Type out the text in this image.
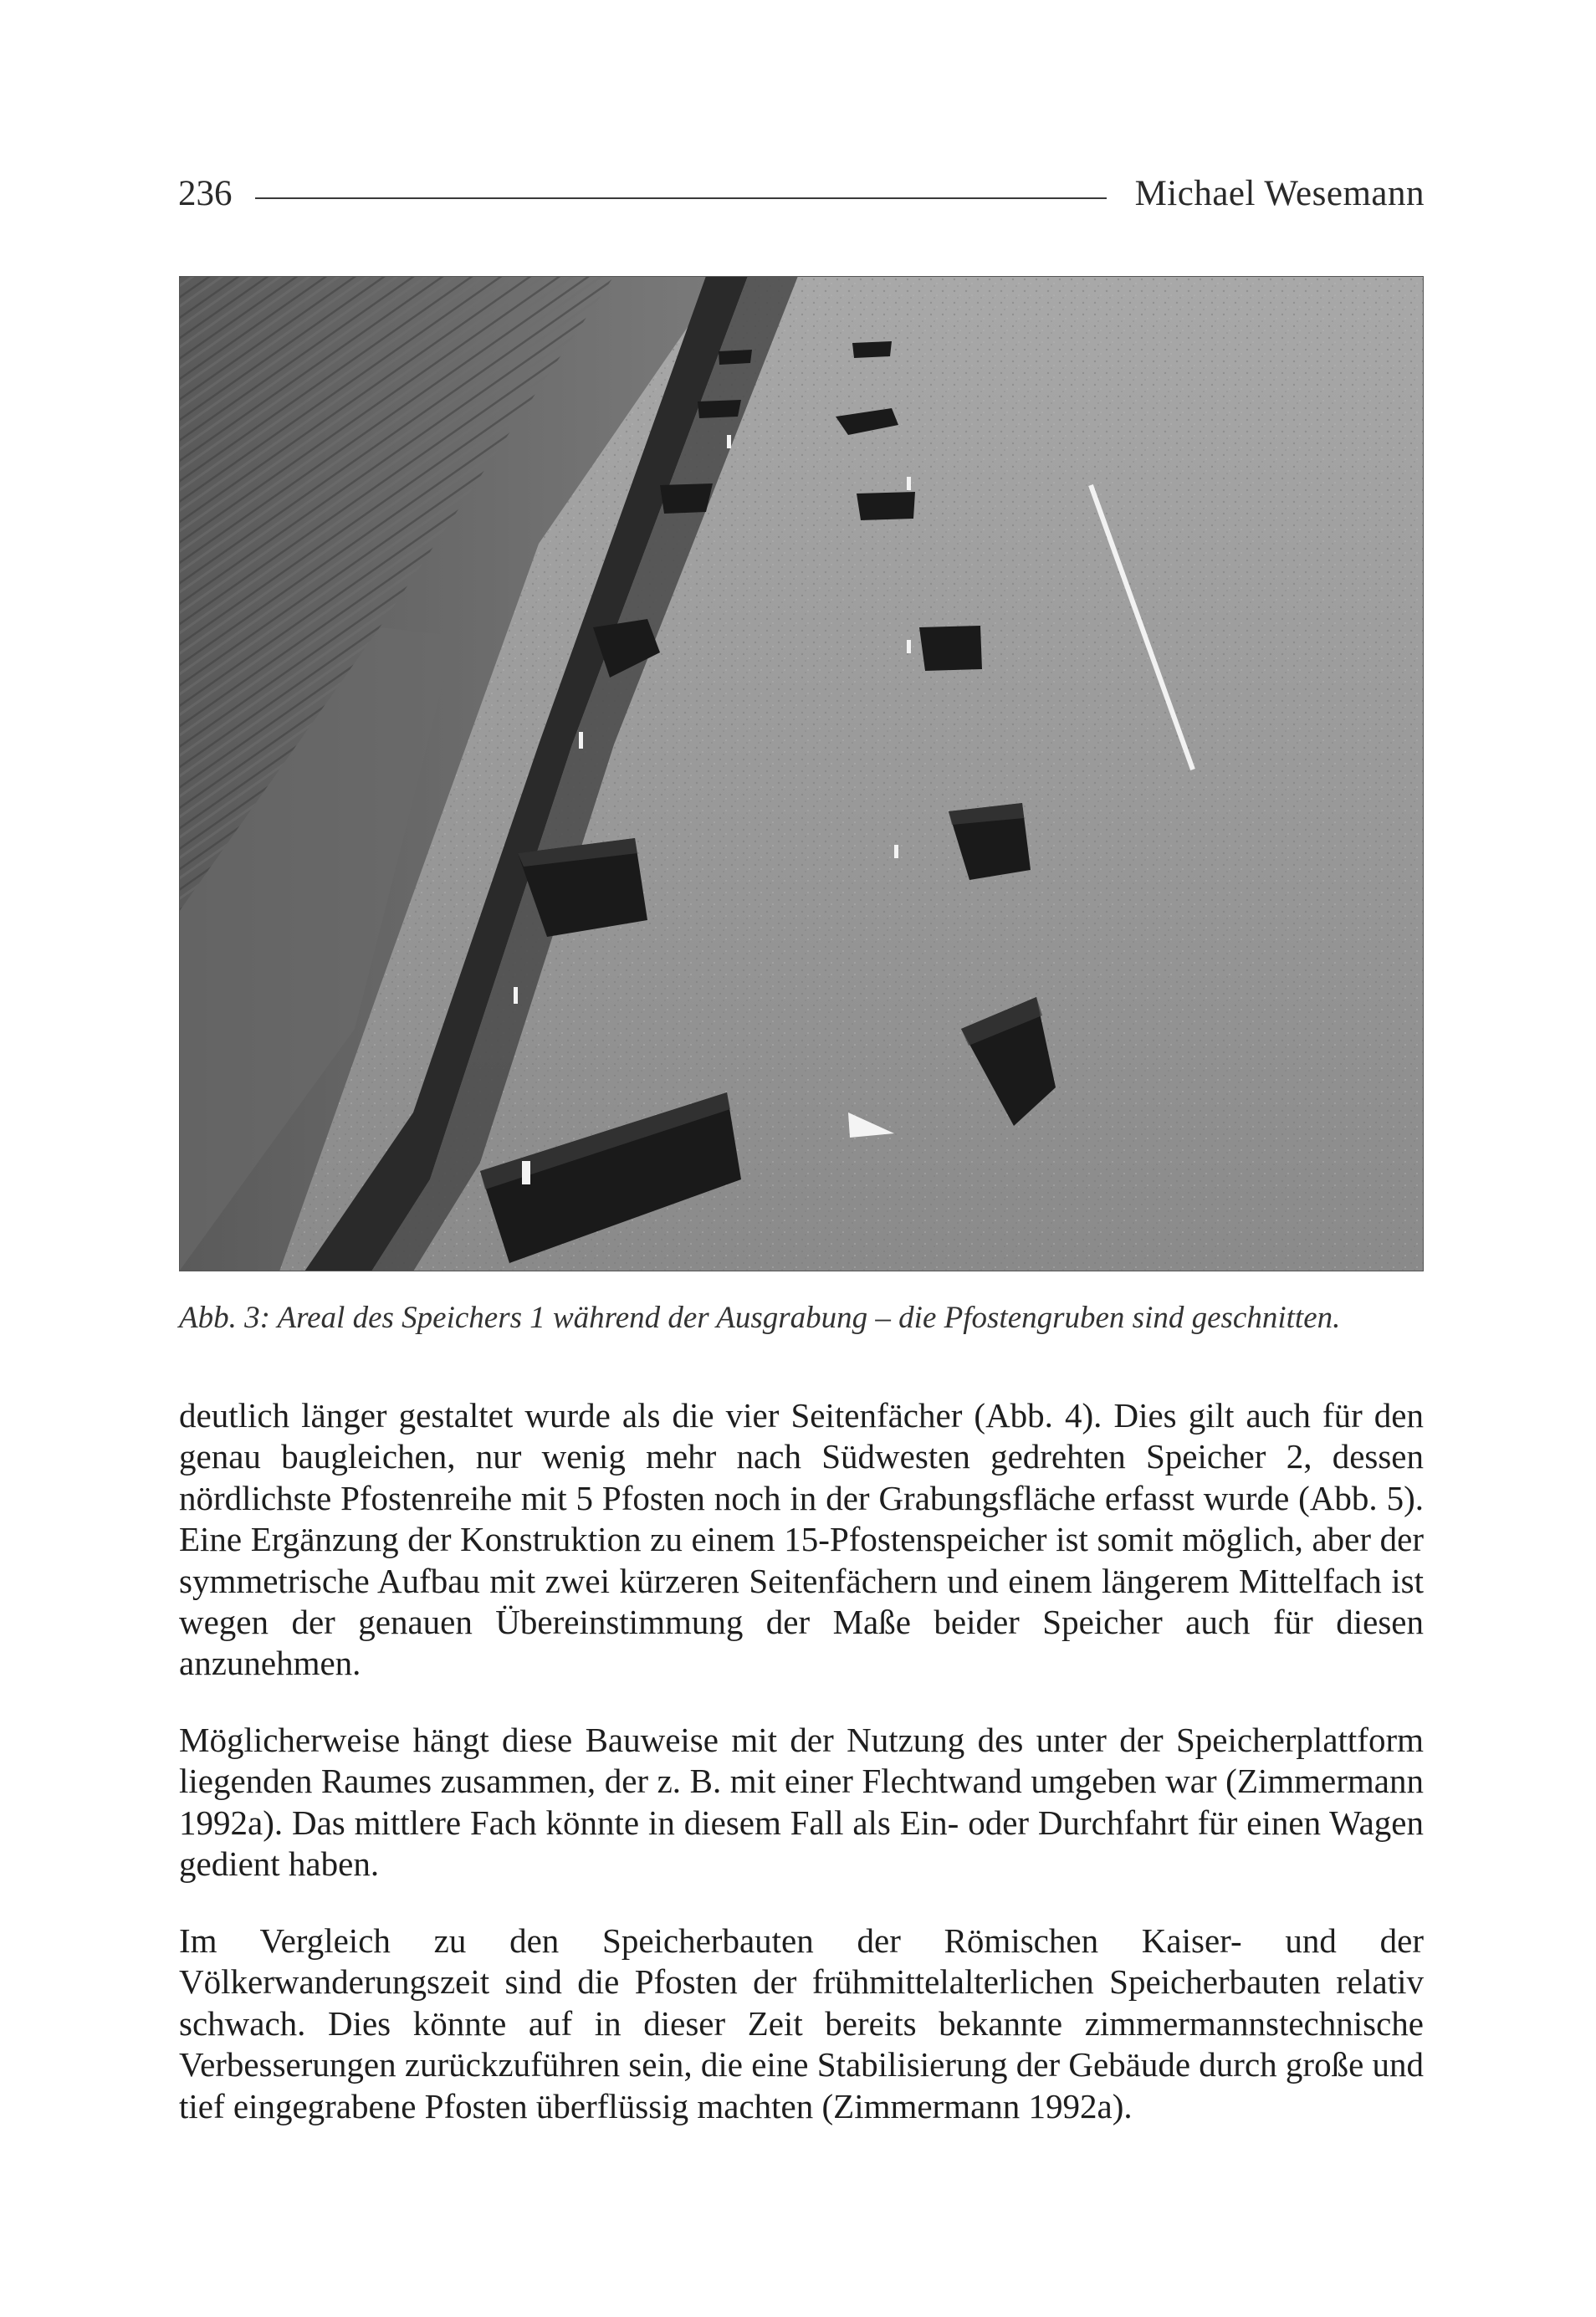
236	Michael Wesemann
Abb. 3: Areal des Speichers 1 während der Ausgrabung – die Pfostengruben sind geschnitten.

deutlich länger gestaltet wurde als die vier Seitenfächer (Abb. 4). Dies gilt auch für den genau baugleichen, nur wenig mehr nach Südwesten gedrehten Speicher 2, dessen nördlichste Pfostenreihe mit 5 Pfosten noch in der Grabungsfläche erfasst wurde (Abb. 5). Eine Ergänzung der Konstruktion zu einem 15-Pfostenspeicher ist somit möglich, aber der symmetrische Aufbau mit zwei kürzeren Seitenfächern und einem längerem Mittelfach ist wegen der genauen Übereinstimmung der Maße beider Speicher auch für diesen anzunehmen.

Möglicherweise hängt diese Bauweise mit der Nutzung des unter der Speicherplattform liegenden Raumes zusammen, der z. B. mit einer Flechtwand umgeben war (Zimmermann 1992a). Das mittlere Fach könnte in diesem Fall als Ein- oder Durchfahrt für einen Wagen gedient haben.

Im Vergleich zu den Speicherbauten der Römischen Kaiser- und der Völkerwanderungszeit sind die Pfosten der frühmittelalterlichen Speicherbauten relativ schwach. Dies könnte auf in dieser Zeit bereits bekannte zimmermannstechnische Verbesserungen zurückzuführen sein, die eine Stabilisierung der Gebäude durch große und tief eingegrabene Pfosten überflüssig machten (Zimmermann 1992a).
